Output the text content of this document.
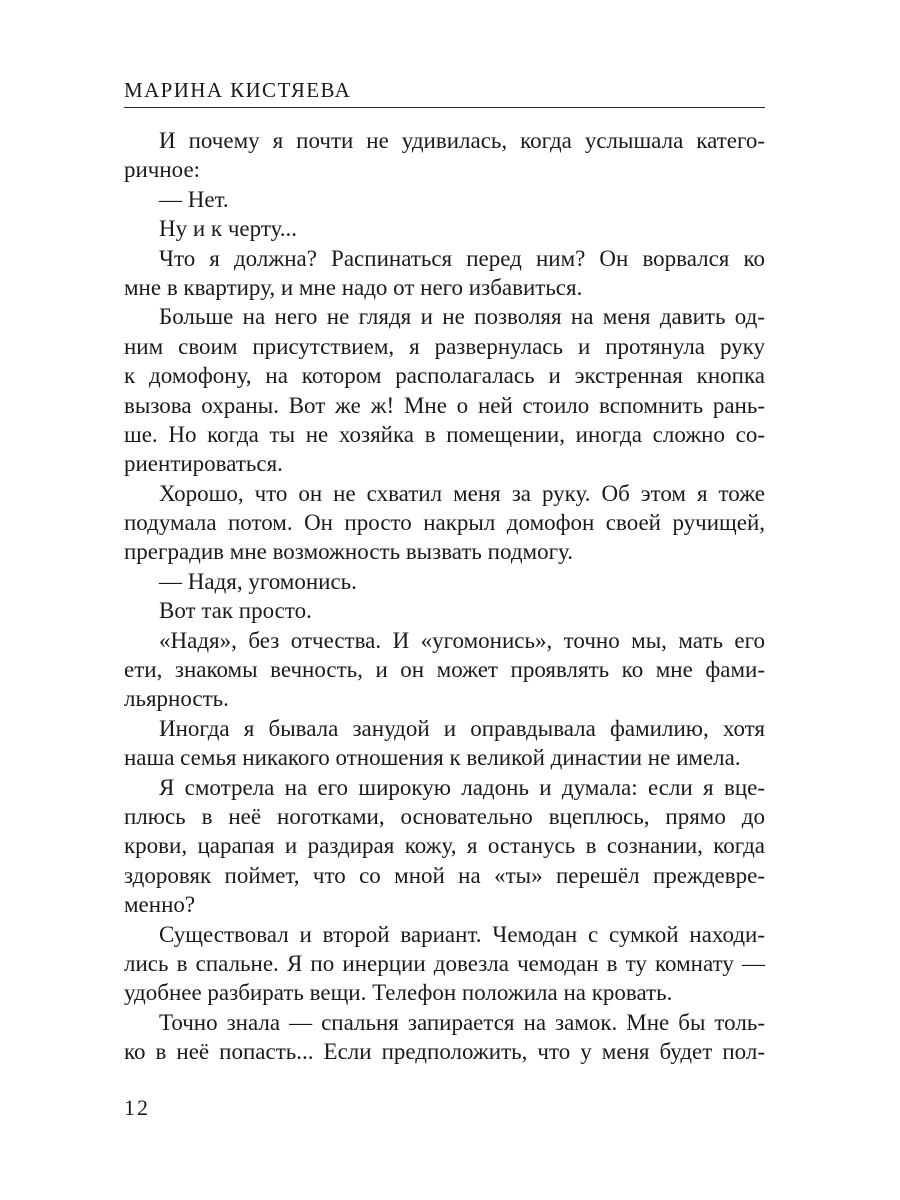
МАРИНА КИСТЯЕВА
И почему я почти не удивилась, когда услышала катего-
ричное:
— Нет.
Ну и к черту...
Что я должна? Распинаться перед ним? Он ворвался ко
мне в квартиру, и мне надо от него избавиться.
Больше на него не глядя и не позволяя на меня давить од-
ним своим присутствием, я развернулась и протянула руку
к домофону, на котором располагалась и экстренная кнопка
вызова охраны. Вот же ж! Мне о ней стоило вспомнить рань-
ше. Но когда ты не хозяйка в помещении, иногда сложно со-
риентироваться.
Хорошо, что он не схватил меня за руку. Об этом я тоже
подумала потом. Он просто накрыл домофон своей ручищей,
преградив мне возможность вызвать подмогу.
— Надя, угомонись.
Вот так просто.
«Надя», без отчества. И «угомонись», точно мы, мать его
ети, знакомы вечность, и он может проявлять ко мне фами-
льярность.
Иногда я бывала занудой и оправдывала фамилию, хотя
наша семья никакого отношения к великой династии не имела.
Я смотрела на его широкую ладонь и думала: если я вце-
плюсь в неё ноготками, основательно вцеплюсь, прямо до
крови, царапая и раздирая кожу, я останусь в сознании, когда
здоровяк поймет, что со мной на «ты» перешёл преждевре-
менно?
Существовал и второй вариант. Чемодан с сумкой находи-
лись в спальне. Я по инерции довезла чемодан в ту комнату —
удобнее разбирать вещи. Телефон положила на кровать.
Точно знала — спальня запирается на замок. Мне бы толь-
ко в неё попасть... Если предположить, что у меня будет пол-
12
